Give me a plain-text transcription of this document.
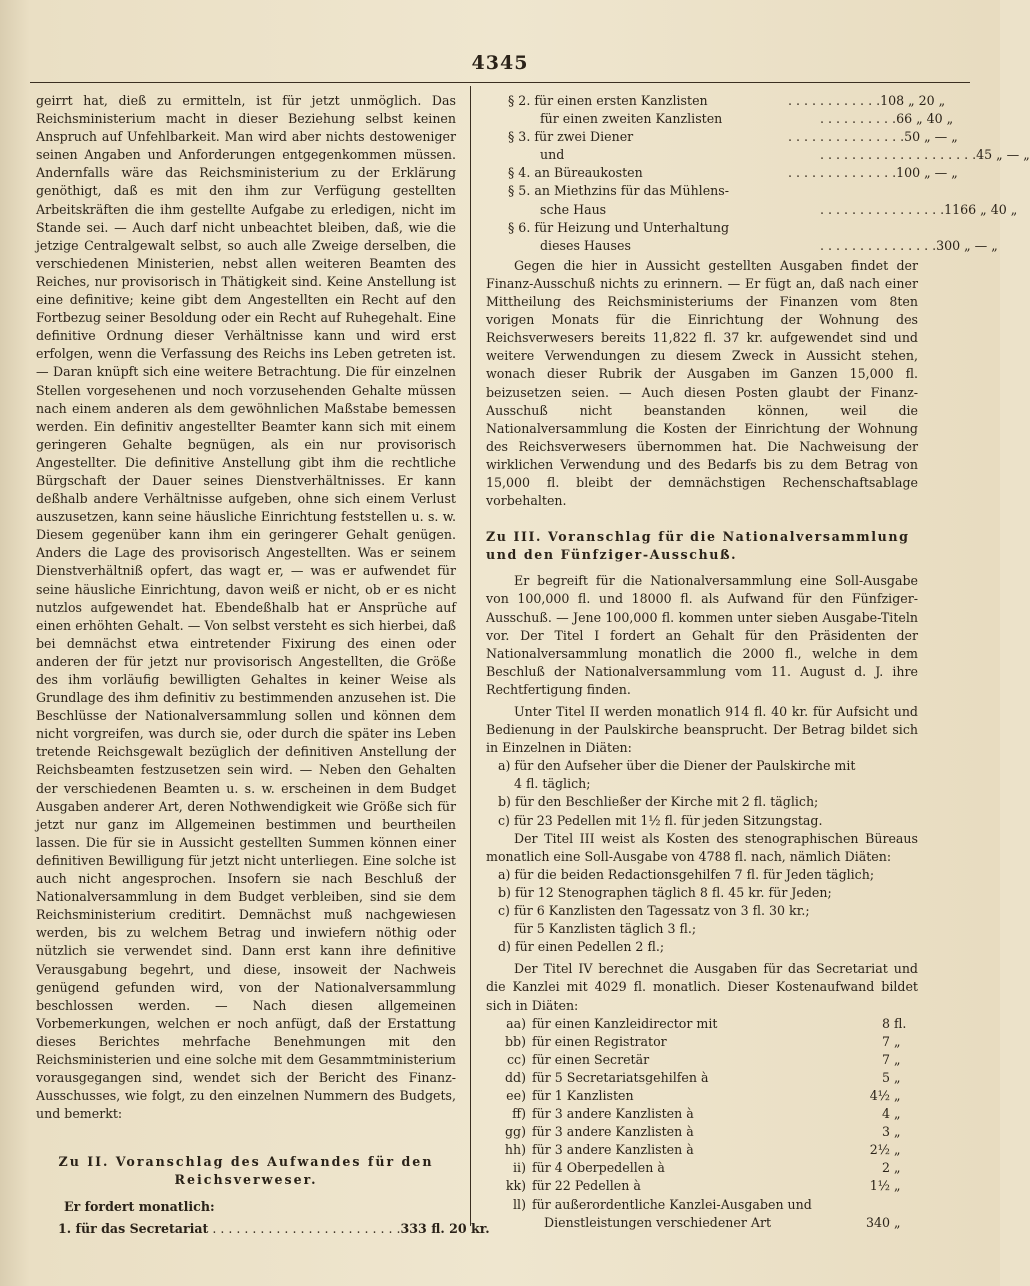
4345

geirrt hat, dieß zu ermitteln, ist für jetzt unmöglich. Das Reichsministerium macht in dieser Beziehung selbst keinen Anspruch auf Unfehlbarkeit. Man wird aber nichts destoweniger seinen Angaben und Anforderungen entgegenkommen müssen. Andernfalls wäre das Reichsministerium zu der Erklärung genöthigt, daß es mit den ihm zur Verfügung gestellten Arbeitskräften die ihm gestellte Aufgabe zu erledigen, nicht im Stande sei. — Auch darf nicht unbeachtet bleiben, daß, wie die jetzige Centralgewalt selbst, so auch alle Zweige derselben, die verschiedenen Ministerien, nebst allen weiteren Beamten des Reiches, nur provisorisch in Thätigkeit sind. Keine Anstellung ist eine definitive; keine gibt dem Angestellten ein Recht auf den Fortbezug seiner Besoldung oder ein Recht auf Ruhegehalt. Eine definitive Ordnung dieser Verhältnisse kann und wird erst erfolgen, wenn die Verfassung des Reichs ins Leben getreten ist. — Daran knüpft sich eine weitere Betrachtung. Die für einzelnen Stellen vorgesehenen und noch vorzusehenden Gehalte müssen nach einem anderen als dem gewöhnlichen Maßstabe bemessen werden. Ein definitiv angestellter Beamter kann sich mit einem geringeren Gehalte begnügen, als ein nur provisorisch Angestellter. Die definitive Anstellung gibt ihm die rechtliche Bürgschaft der Dauer seines Dienstverhältnisses. Er kann deßhalb andere Verhältnisse aufgeben, ohne sich einem Verlust auszusetzen, kann seine häusliche Einrichtung feststellen u. s. w. Diesem gegenüber kann ihm ein geringerer Gehalt genügen. Anders die Lage des provisorisch Angestellten. Was er seinem Dienstverhältniß opfert, das wagt er, — was er aufwendet für seine häusliche Einrichtung, davon weiß er nicht, ob er es nicht nutzlos aufgewendet hat. Ebendeßhalb hat er Ansprüche auf einen erhöhten Gehalt. — Von selbst versteht es sich hierbei, daß bei demnächst etwa eintretender Fixirung des einen oder anderen der für jetzt nur provisorisch Angestellten, die Größe des ihm vorläufig bewilligten Gehaltes in keiner Weise als Grundlage des ihm definitiv zu bestimmenden anzusehen ist. Die Beschlüsse der Nationalversammlung sollen und können dem nicht vorgreifen, was durch sie, oder durch die später ins Leben tretende Reichsgewalt bezüglich der definitiven Anstellung der Reichsbeamten festzusetzen sein wird. — Neben den Gehalten der verschiedenen Beamten u. s. w. erscheinen in dem Budget Ausgaben anderer Art, deren Nothwendigkeit wie Größe sich für jetzt nur ganz im Allgemeinen bestimmen und beurtheilen lassen. Die für sie in Aussicht gestellten Summen können einer definitiven Bewilligung für jetzt nicht unterliegen. Eine solche ist auch nicht angesprochen. Insofern sie nach Beschluß der Nationalversammlung in dem Budget verbleiben, sind sie dem Reichsministerium creditirt. Demnächst muß nachgewiesen werden, bis zu welchem Betrag und inwiefern nöthig oder nützlich sie verwendet sind. Dann erst kann ihre definitive Verausgabung begehrt, und diese, insoweit der Nachweis genügend gefunden wird, von der Nationalversammlung beschlossen werden. — Nach diesen allgemeinen Vorbemerkungen, welchen er noch anfügt, daß der Erstattung dieses Berichtes mehrfache Benehmungen mit den Reichsministerien und eine solche mit dem Gesammtministerium vorausgegangen sind, wendet sich der Bericht des Finanz-Ausschusses, wie folgt, zu den einzelnen Nummern des Budgets, und bemerkt:

Zu II. Voranschlag des Aufwandes für den Reichsverweser.

Er fordert monatlich:

1. für das Secretariat . . . . . . . . . . . . . . . . . . . . . . . . 333 fl. 20 kr.
§ 2. für einen ersten Kanzlisten	. . . . . . . . . . . . 108 „ 20 „
für einen zweiten Kanzlisten	. . . . . . . . . . 66 „ 40 „
§ 3. für zwei Diener	. . . . . . . . . . . . . . . 50 „ — „
und	. . . . . . . . . . . . . . . . . . . . 45 „ — „
§ 4. an Büreaukosten	. . . . . . . . . . . . . . 100 „ — „
§ 5. an Miethzins für das Mühlens-
sche Haus	. . . . . . . . . . . . . . . . 1166 „ 40 „
§ 6. für Heizung und Unterhaltung
dieses Hauses	. . . . . . . . . . . . . . . 300 „ — „

Gegen die hier in Aussicht gestellten Ausgaben findet der Finanz-Ausschuß nichts zu erinnern. — Er fügt an, daß nach einer Mittheilung des Reichsministeriums der Finanzen vom 8ten vorigen Monats für die Einrichtung der Wohnung des Reichsverwesers bereits 11,822 fl. 37 kr. aufgewendet sind und weitere Verwendungen zu diesem Zweck in Aussicht stehen, wonach dieser Rubrik der Ausgaben im Ganzen 15,000 fl. beizusetzen seien. — Auch diesen Posten glaubt der Finanz-Ausschuß nicht beanstanden können, weil die Nationalversammlung die Kosten der Einrichtung der Wohnung des Reichsverwesers übernommen hat. Die Nachweisung der wirklichen Verwendung und des Bedarfs bis zu dem Betrag von 15,000 fl. bleibt der demnächstigen Rechenschaftsablage vorbehalten.

Zu III. Voranschlag für die Nationalversammlung und den Fünfziger-Ausschuß.

Er begreift für die Nationalversammlung eine Soll-Ausgabe von 100,000 fl. und 18000 fl. als Aufwand für den Fünfziger-Ausschuß. — Jene 100,000 fl. kommen unter sieben Ausgabe-Titeln vor. Der Titel I fordert an Gehalt für den Präsidenten der Nationalversammlung monatlich die 2000 fl., welche in dem Beschluß der Nationalversammlung vom 11. August d. J. ihre Rechtfertigung finden.

Unter Titel II werden monatlich 914 fl. 40 kr. für Aufsicht und Bedienung in der Paulskirche beansprucht. Der Betrag bildet sich in Einzelnen in Diäten:

a) für den Aufseher über die Diener der Paulskirche mit

4 fl. täglich;

b) für den Beschließer der Kirche mit 2 fl. täglich;

c) für 23 Pedellen mit 1½ fl. für jeden Sitzungstag.

Der Titel III weist als Kosten des stenographischen Büreaus monatlich eine Soll-Ausgabe von 4788 fl. nach, nämlich Diäten:

a) für die beiden Redactionsgehilfen 7 fl. für Jeden täglich;

b) für 12 Stenographen täglich 8 fl. 45 kr. für Jeden;

c) für 6 Kanzlisten den Tagessatz von 3 fl. 30 kr.;

für 5 Kanzlisten täglich 3 fl.;

d) für einen Pedellen 2 fl.;

Der Titel IV berechnet die Ausgaben für das Secretariat und die Kanzlei mit 4029 fl. monatlich. Dieser Kostenaufwand bildet sich in Diäten:

aa) für einen Kanzleidirector mit	8 fl.
bb) für einen Registrator	7 „
cc) für einen Secretär	7 „
dd) für 5 Secretariatsgehilfen à	5 „
ee) für 1 Kanzlisten	4½ „
ff) für 3 andere Kanzlisten à	4 „
gg) für 3 andere Kanzlisten à	3 „
hh) für 3 andere Kanzlisten à	2½ „
ii) für 4 Oberpedellen à	2 „
kk) für 22 Pedellen à	1½ „
ll) für außerordentliche Kanzlei-Ausgaben und
Dienstleistungen verschiedener Art	340 „
